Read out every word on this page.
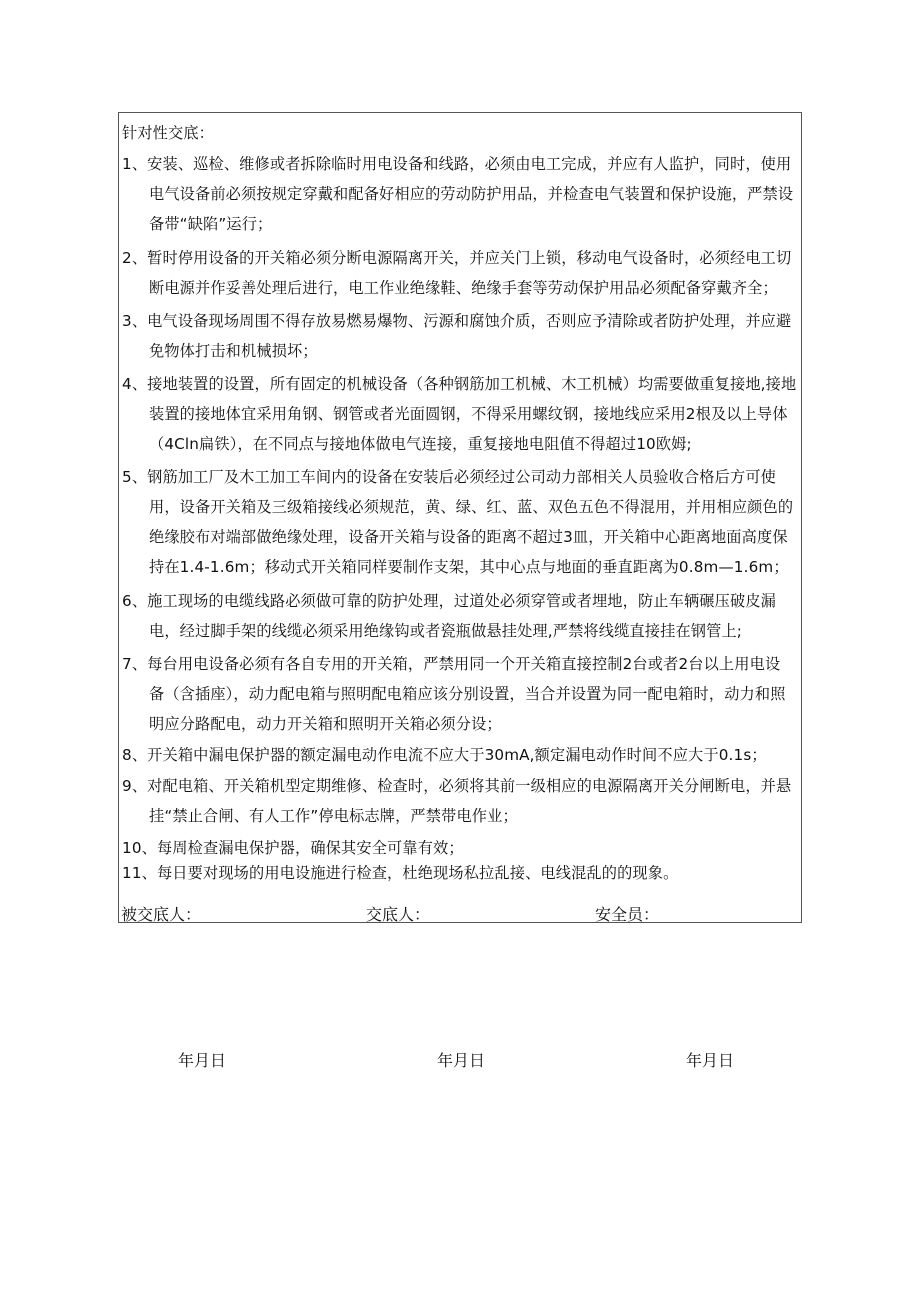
针对性交底：
1、安装、巡检、维修或者拆除临时用电设备和线路，必须由电工完成，并应有人监护，同时，使用
电气设备前必须按规定穿戴和配备好相应的劳动防护用品，并检查电气装置和保护设施，严禁设
备带“缺陷”运行；
2、暂时停用设备的开关箱必须分断电源隔离开关，并应关门上锁，移动电气设备时，必须经电工切
断电源并作妥善处理后进行，电工作业绝缘鞋、绝缘手套等劳动保护用品必须配备穿戴齐全；
3、电气设备现场周围不得存放易燃易爆物、污源和腐蚀介质，否则应予清除或者防护处理，并应避
免物体打击和机械损坏；
4、接地装置的设置，所有固定的机械设备（各种钢筋加工机械、木工机械）均需要做重复接地,接地
装置的接地体宜采用角钢、钢管或者光面圆钢，不得采用螺纹钢，接地线应采用2根及以上导体
（4Cln扁铁），在不同点与接地体做电气连接，重复接地电阻值不得超过10欧姆;
5、钢筋加工厂及木工加工车间内的设备在安装后必须经过公司动力部相关人员验收合格后方可使
用，设备开关箱及三级箱接线必须规范，黄、绿、红、蓝、双色五色不得混用，并用相应颜色的
绝缘胶布对端部做绝缘处理，设备开关箱与设备的距离不超过3皿，开关箱中心距离地面高度保
持在1.4-1.6m；移动式开关箱同样要制作支架，其中心点与地面的垂直距离为0.8m—1.6m；
6、施工现场的电缆线路必须做可靠的防护处理，过道处必须穿管或者埋地，防止车辆碾压破皮漏
电，经过脚手架的线缆必须采用绝缘钩或者瓷瓶做悬挂处理,严禁将线缆直接挂在钢管上;
7、每台用电设备必须有各自专用的开关箱，严禁用同一个开关箱直接控制2台或者2台以上用电设
备（含插座），动力配电箱与照明配电箱应该分别设置，当合并设置为同一配电箱时，动力和照
明应分路配电，动力开关箱和照明开关箱必须分设；
8、开关箱中漏电保护器的额定漏电动作电流不应大于30mA,额定漏电动作时间不应大于0.1s；
9、对配电箱、开关箱机型定期维修、检查时，必须将其前一级相应的电源隔离开关分闸断电，并悬
挂“禁止合闸、有人工作”停电标志牌，严禁带电作业；
10、每周检查漏电保护器，确保其安全可靠有效；
11、每日要对现场的用电设施进行检查，杜绝现场私拉乱接、电线混乱的的现象。
被交底人：	交底人：	安全员：
年月日	年月日	年月日
